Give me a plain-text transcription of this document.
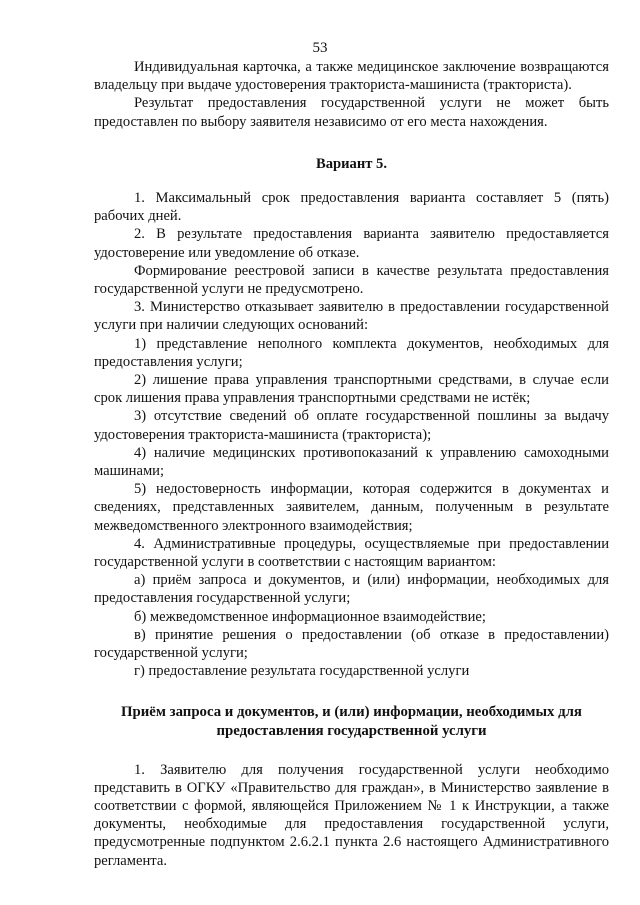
53

Индивидуальная карточка, а также медицинское заключение возвращаются владельцу при выдаче удостоверения тракториста-машиниста (тракториста).

Результат предоставления государственной услуги не может быть предоставлен по выбору заявителя независимо от его места нахождения.

Вариант 5.

1. Максимальный срок предоставления варианта составляет 5 (пять) рабочих дней.

2. В результате предоставления варианта заявителю предоставляется удостоверение или уведомление об отказе.

Формирование реестровой записи в качестве результата предоставления государственной услуги не предусмотрено.

3. Министерство отказывает заявителю в предоставлении государственной услуги при наличии следующих оснований:

1) представление неполного комплекта документов, необходимых для предоставления услуги;

2) лишение права управления транспортными средствами, в случае если срок лишения права управления транспортными средствами не истёк;

3) отсутствие сведений об оплате государственной пошлины за выдачу удостоверения тракториста-машиниста (тракториста);

4) наличие медицинских противопоказаний к управлению самоходными машинами;

5) недостоверность информации, которая содержится в документах и сведениях, представленных заявителем, данным, полученным в результате межведомственного электронного взаимодействия;

4. Административные процедуры, осуществляемые при предоставлении государственной услуги в соответствии с настоящим вариантом:

а) приём запроса и документов, и (или) информации, необходимых для предоставления государственной услуги;

б) межведомственное информационное взаимодействие;

в) принятие решения о предоставлении (об отказе в предоставлении) государственной услуги;

г) предоставление результата государственной услуги

Приём запроса и документов, и (или) информации, необходимых для
предоставления государственной услуги

1. Заявителю для получения государственной услуги необходимо представить в ОГКУ «Правительство для граждан», в Министерство заявление в соответствии с формой, являющейся Приложением № 1 к Инструкции, а также документы, необходимые для предоставления государственной услуги, предусмотренные подпунктом 2.6.2.1 пункта 2.6 настоящего Административного регламента.
